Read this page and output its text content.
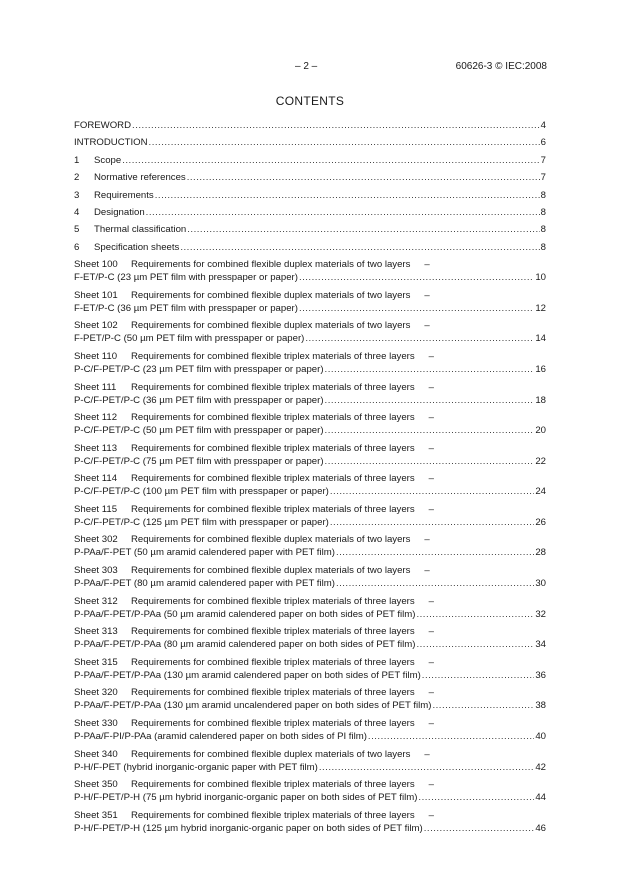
– 2 –	60626-3 © IEC:2008
CONTENTS
FOREWORD .....	4
INTRODUCTION .....	6
1	Scope .....	7
2	Normative references .....	7
3	Requirements .....	8
4	Designation .....	8
5	Thermal classification .....	8
6	Specification sheets .....	8
Sheet 100	Requirements for combined flexible duplex materials of two layers –
F-ET/P-C (23 µm PET film with presspaper or paper) .....	10
Sheet 101	Requirements for combined flexible duplex materials of two layers –
F-ET/P-C (36 µm PET film with presspaper or paper) .....	12
Sheet 102	Requirements for combined flexible duplex materials of two layers –
F-PET/P-C (50 µm PET film with presspaper or paper) .....	14
Sheet 110	Requirements for combined flexible triplex materials of three layers –
P-C/F-PET/P-C (23 µm PET film with presspaper or paper) .....	16
Sheet 111	Requirements for combined flexible triplex materials of three layers –
P-C/F-PET/P-C (36 µm PET film with presspaper or paper) .....	18
Sheet 112	Requirements for combined flexible triplex materials of three layers –
P-C/F-PET/P-C (50 µm PET film with presspaper or paper) .....	20
Sheet 113	Requirements for combined flexible triplex materials of three layers –
P-C/F-PET/P-C (75 µm PET film with presspaper or paper) .....	22
Sheet 114	Requirements for combined flexible triplex materials of three layers –
P-C/F-PET/P-C (100 µm PET film with presspaper or paper) .....	24
Sheet 115	Requirements for combined flexible triplex materials of three layers –
P-C/F-PET/P-C (125 µm PET film with presspaper or paper) .....	26
Sheet 302	Requirements for combined flexible duplex materials of two layers –
P-PAa/F-PET (50 µm aramid calendered paper with PET film) .....	28
Sheet 303	Requirements for combined flexible duplex materials of two layers –
P-PAa/F-PET (80 µm aramid calendered paper with PET film) .....	30
Sheet 312	Requirements for combined flexible triplex materials of three layers –
P-PAa/F-PET/P-PAa (50 µm aramid calendered paper on both sides of PET film) .....	32
Sheet 313	Requirements for combined flexible triplex materials of three layers –
P-PAa/F-PET/P-PAa (80 µm aramid calendered paper on both sides of PET film) .....	34
Sheet 315	Requirements for combined flexible triplex materials of three layers –
P-PAa/F-PET/P-PAa (130 µm aramid calendered paper on both sides of PET film) .....	36
Sheet 320	Requirements for combined flexible triplex materials of three layers –
P-PAa/F-PET/P-PAa (130 µm aramid uncalendered paper on both sides of PET film) .....	38
Sheet 330	Requirements for combined flexible triplex materials of three layers –
P-PAa/F-PI/P-PAa (aramid calendered paper on both sides of PI film) .....	40
Sheet 340	Requirements for combined flexible duplex materials of two layers –
P-H/F-PET (hybrid inorganic-organic paper with PET film) .....	42
Sheet 350	Requirements for combined flexible triplex materials of three layers –
P-H/F-PET/P-H (75 µm hybrid inorganic-organic paper on both sides of PET film) .....	44
Sheet 351	Requirements for combined flexible triplex materials of three layers –
P-H/F-PET/P-H (125 µm hybrid inorganic-organic paper on both sides of PET film) .....	46
